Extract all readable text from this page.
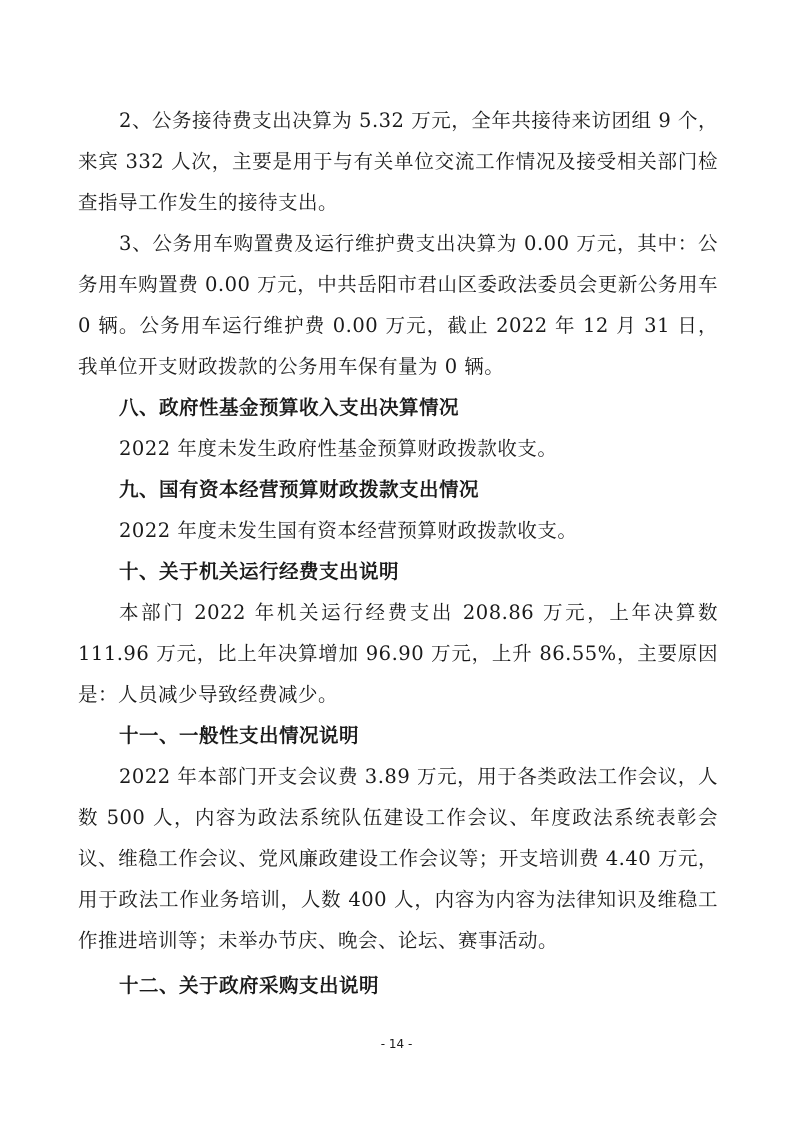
2、公务接待费支出决算为 5.32 万元，全年共接待来访团组 9 个，来宾 332 人次，主要是用于与有关单位交流工作情况及接受相关部门检查指导工作发生的接待支出。

3、公务用车购置费及运行维护费支出决算为 0.00 万元，其中：公务用车购置费 0.00 万元，中共岳阳市君山区委政法委员会更新公务用车 0 辆。公务用车运行维护费 0.00 万元，截止 2022 年 12 月 31 日，我单位开支财政拨款的公务用车保有量为 0 辆。

八、政府性基金预算收入支出决算情况

2022 年度未发生政府性基金预算财政拨款收支。

九、国有资本经营预算财政拨款支出情况

2022 年度未发生国有资本经营预算财政拨款收支。

十、关于机关运行经费支出说明

本部门 2022 年机关运行经费支出 208.86 万元，上年决算数 111.96 万元，比上年决算增加 96.90 万元，上升 86.55%，主要原因是：人员减少导致经费减少。

十一、一般性支出情况说明

2022 年本部门开支会议费 3.89 万元，用于各类政法工作会议，人数 500 人，内容为政法系统队伍建设工作会议、年度政法系统表彰会议、维稳工作会议、党风廉政建设工作会议等；开支培训费 4.40 万元，用于政法工作业务培训，人数 400 人，内容为内容为法律知识及维稳工作推进培训等；未举办节庆、晚会、论坛、赛事活动。

十二、关于政府采购支出说明

- 14 -
